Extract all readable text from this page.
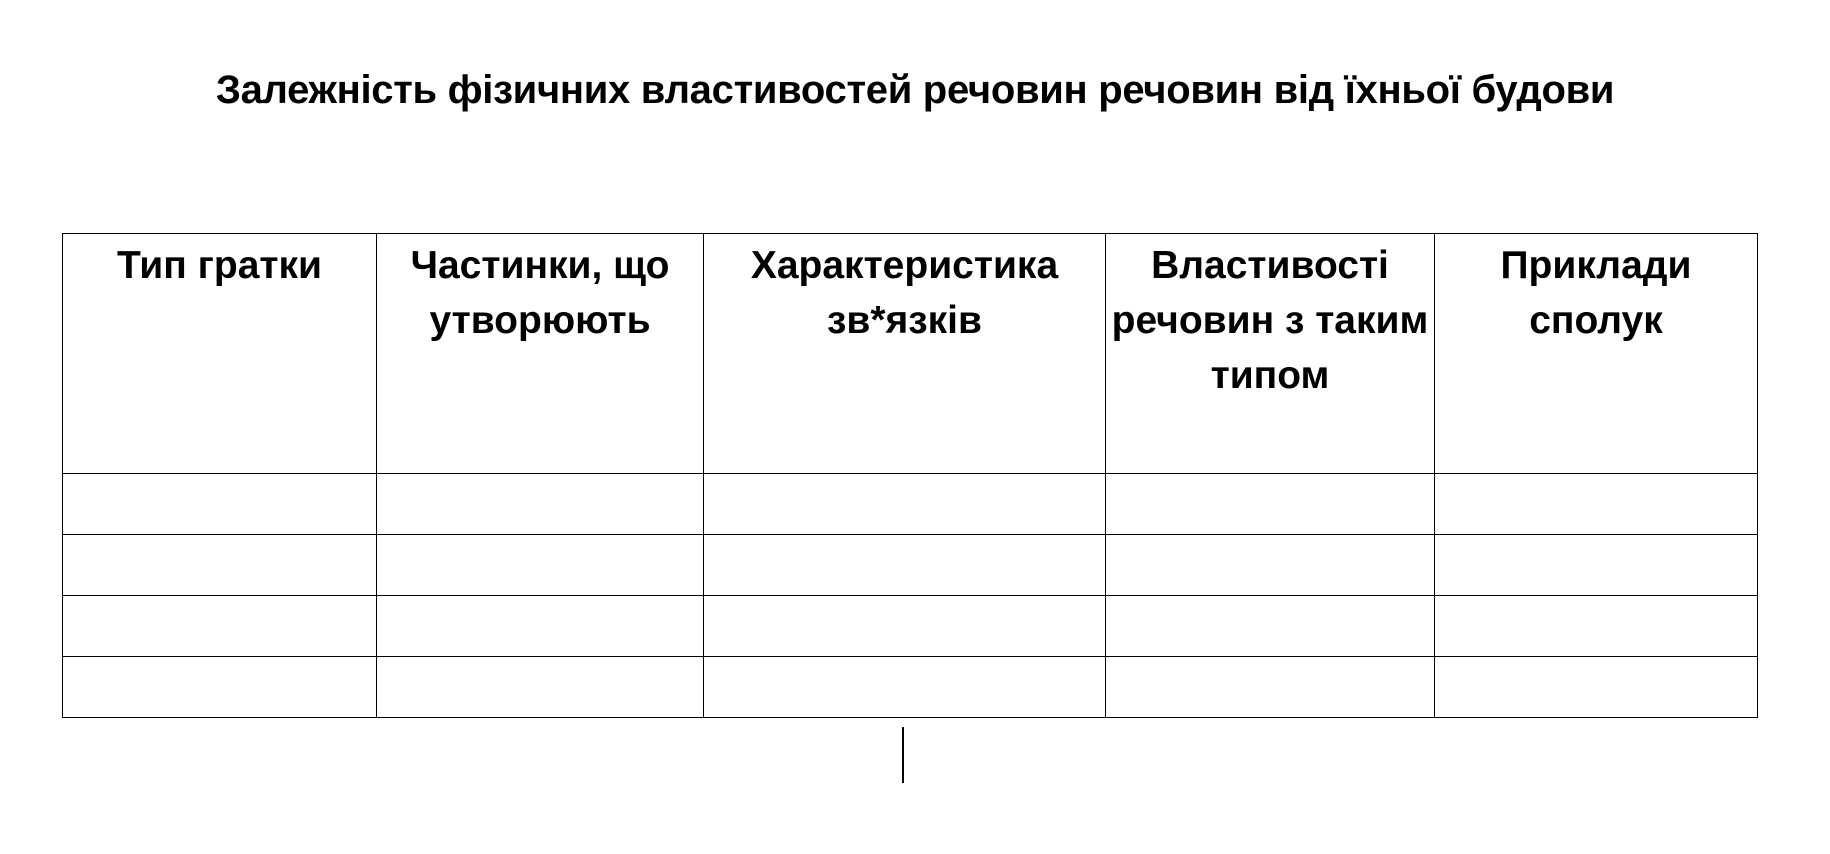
Залежність фізичних властивостей речовин речовин від їхньої будови
Тип гратки	Частинки, що утворюють	Характеристика зв*язків	Властивості речовин з таким типом	Приклади сполук
